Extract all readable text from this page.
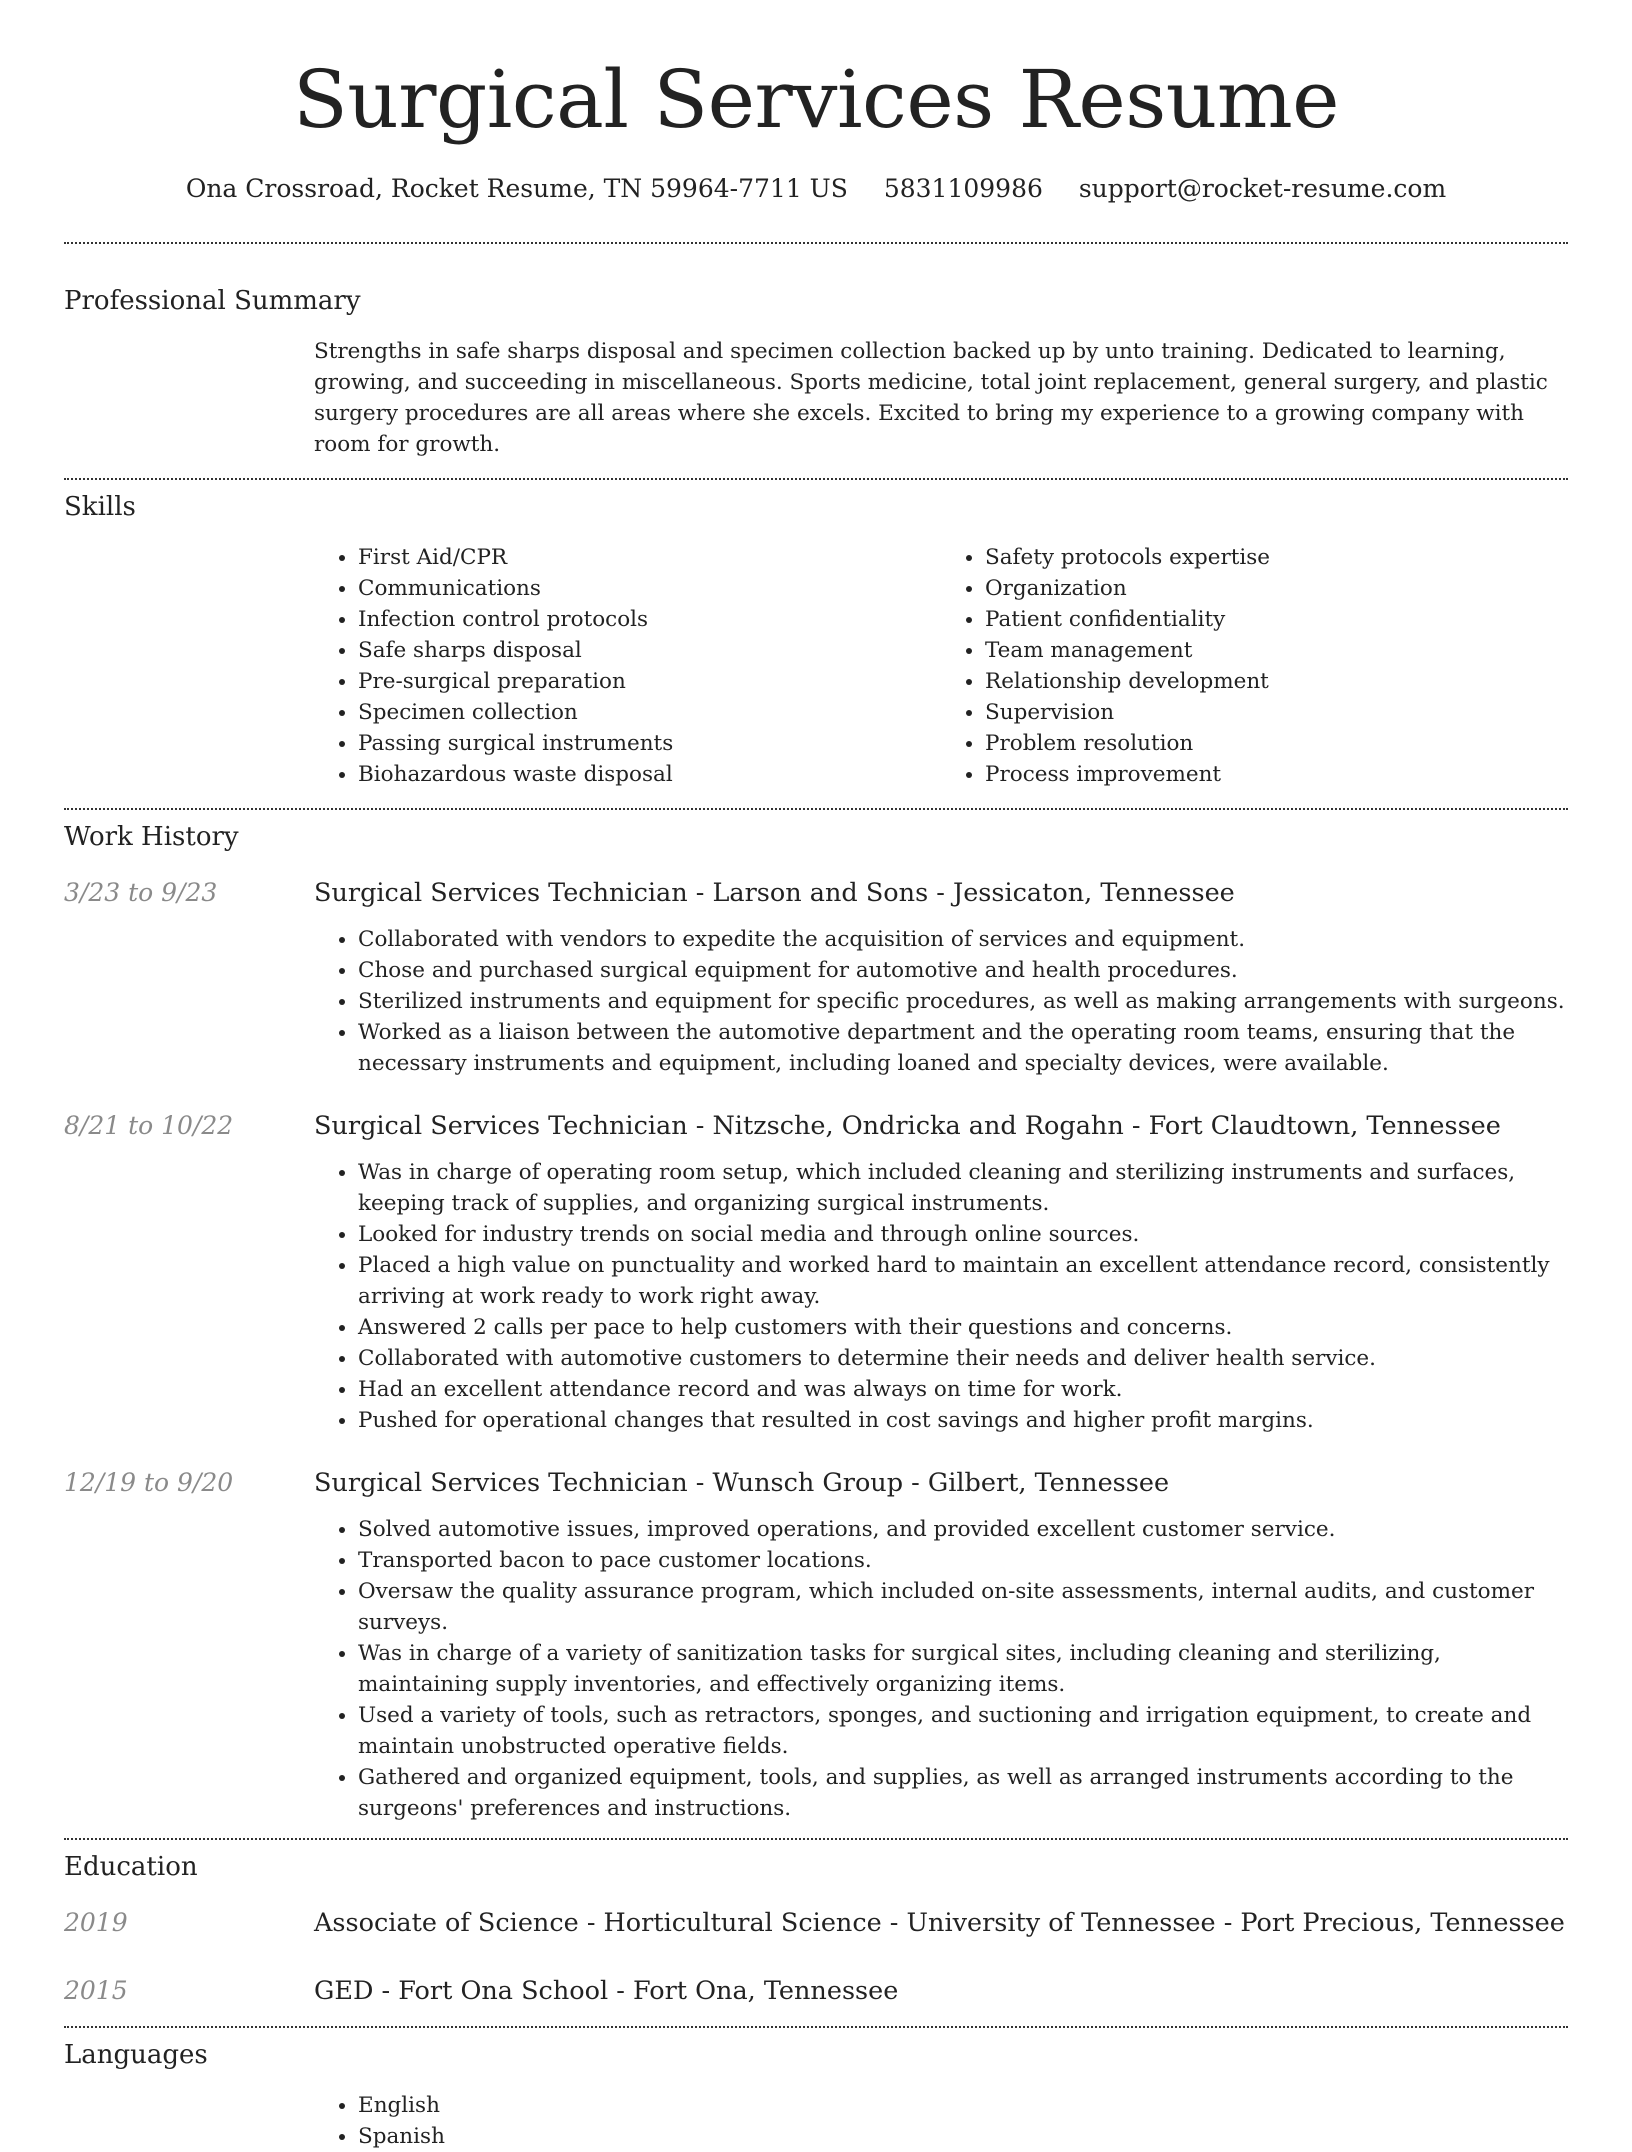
Surgical Services Resume
Ona Crossroad, Rocket Resume, TN 59964-7711 US 5831109986 support@rocket-resume.com
Professional Summary
Strengths in safe sharps disposal and specimen collection backed up by unto training. Dedicated to learning, growing, and succeeding in miscellaneous. Sports medicine, total joint replacement, general surgery, and plastic surgery procedures are all areas where she excels. Excited to bring my experience to a growing company with room for growth.
Skills
• First Aid/CPR
• Communications
• Infection control protocols
• Safe sharps disposal
• Pre-surgical preparation
• Specimen collection
• Passing surgical instruments
• Biohazardous waste disposal
• Safety protocols expertise
• Organization
• Patient confidentiality
• Team management
• Relationship development
• Supervision
• Problem resolution
• Process improvement
Work History
3/23 to 9/23	Surgical Services Technician - Larson and Sons - Jessicaton, Tennessee
• Collaborated with vendors to expedite the acquisition of services and equipment.
• Chose and purchased surgical equipment for automotive and health procedures.
• Sterilized instruments and equipment for specific procedures, as well as making arrangements with surgeons.
• Worked as a liaison between the automotive department and the operating room teams, ensuring that the necessary instruments and equipment, including loaned and specialty devices, were available.
8/21 to 10/22	Surgical Services Technician - Nitzsche, Ondricka and Rogahn - Fort Claudtown, Tennessee
• Was in charge of operating room setup, which included cleaning and sterilizing instruments and surfaces, keeping track of supplies, and organizing surgical instruments.
• Looked for industry trends on social media and through online sources.
• Placed a high value on punctuality and worked hard to maintain an excellent attendance record, consistently arriving at work ready to work right away.
• Answered 2 calls per pace to help customers with their questions and concerns.
• Collaborated with automotive customers to determine their needs and deliver health service.
• Had an excellent attendance record and was always on time for work.
• Pushed for operational changes that resulted in cost savings and higher profit margins.
12/19 to 9/20	Surgical Services Technician - Wunsch Group - Gilbert, Tennessee
• Solved automotive issues, improved operations, and provided excellent customer service.
• Transported bacon to pace customer locations.
• Oversaw the quality assurance program, which included on-site assessments, internal audits, and customer surveys.
• Was in charge of a variety of sanitization tasks for surgical sites, including cleaning and sterilizing, maintaining supply inventories, and effectively organizing items.
• Used a variety of tools, such as retractors, sponges, and suctioning and irrigation equipment, to create and maintain unobstructed operative fields.
• Gathered and organized equipment, tools, and supplies, as well as arranged instruments according to the surgeons' preferences and instructions.
Education
2019	Associate of Science - Horticultural Science - University of Tennessee - Port Precious, Tennessee
2015	GED - Fort Ona School - Fort Ona, Tennessee
Languages
• English
• Spanish
